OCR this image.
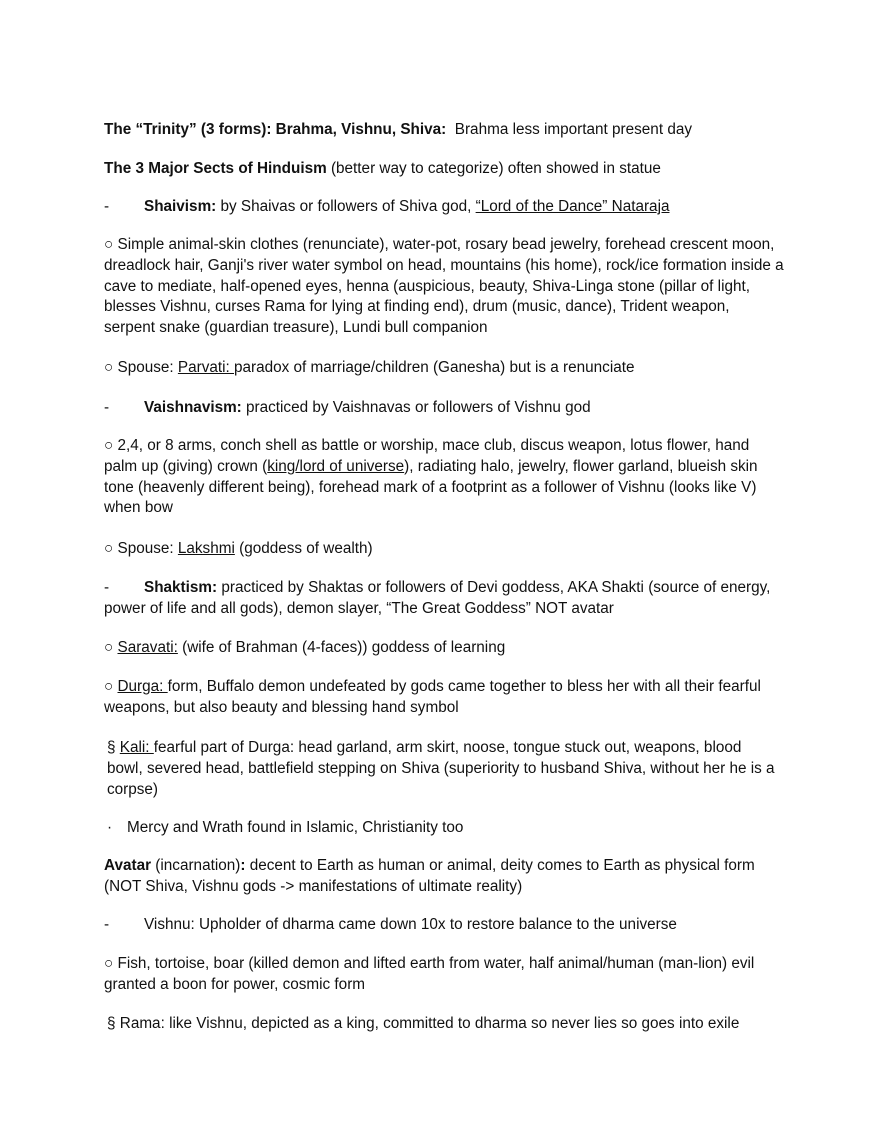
The “Trinity” (3 forms): Brahma, Vishnu, Shiva:  Brahma less important present day
The 3 Major Sects of Hinduism (better way to categorize) often showed in statue
- Shaivism: by Shaivas or followers of Shiva god, “Lord of the Dance” Nataraja
○ Simple animal-skin clothes (renunciate), water-pot, rosary bead jewelry, forehead crescent moon, dreadlock hair, Ganji's river water symbol on head, mountains (his home), rock/ice formation inside a cave to mediate, half-opened eyes, henna (auspicious, beauty, Shiva-Linga stone (pillar of light, blesses Vishnu, curses Rama for lying at finding end), drum (music, dance), Trident weapon, serpent snake (guardian treasure), Lundi bull companion
○ Spouse: Parvati: paradox of marriage/children (Ganesha) but is a renunciate
- Vaishnavism: practiced by Vaishnavas or followers of Vishnu god
○ 2,4, or 8 arms, conch shell as battle or worship, mace club, discus weapon, lotus flower, hand palm up (giving) crown (king/lord of universe), radiating halo, jewelry, flower garland, blueish skin tone (heavenly different being), forehead mark of a footprint as a follower of Vishnu (looks like V) when bow
○ Spouse: Lakshmi (goddess of wealth)
- Shaktism: practiced by Shaktas or followers of Devi goddess, AKA Shakti (source of energy, power of life and all gods), demon slayer, “The Great Goddess” NOT avatar
○ Saravati: (wife of Brahman (4-faces)) goddess of learning
○ Durga: form, Buffalo demon undefeated by gods came together to bless her with all their fearful weapons, but also beauty and blessing hand symbol
§ Kali: fearful part of Durga: head garland, arm skirt, noose, tongue stuck out, weapons, blood bowl, severed head, battlefield stepping on Shiva (superiority to husband Shiva, without her he is a corpse)
· Mercy and Wrath found in Islamic, Christianity too
Avatar (incarnation): decent to Earth as human or animal, deity comes to Earth as physical form (NOT Shiva, Vishnu gods -> manifestations of ultimate reality)
- Vishnu: Upholder of dharma came down 10x to restore balance to the universe
○ Fish, tortoise, boar (killed demon and lifted earth from water, half animal/human (man-lion) evil granted a boon for power, cosmic form
§ Rama: like Vishnu, depicted as a king, committed to dharma so never lies so goes into exile
